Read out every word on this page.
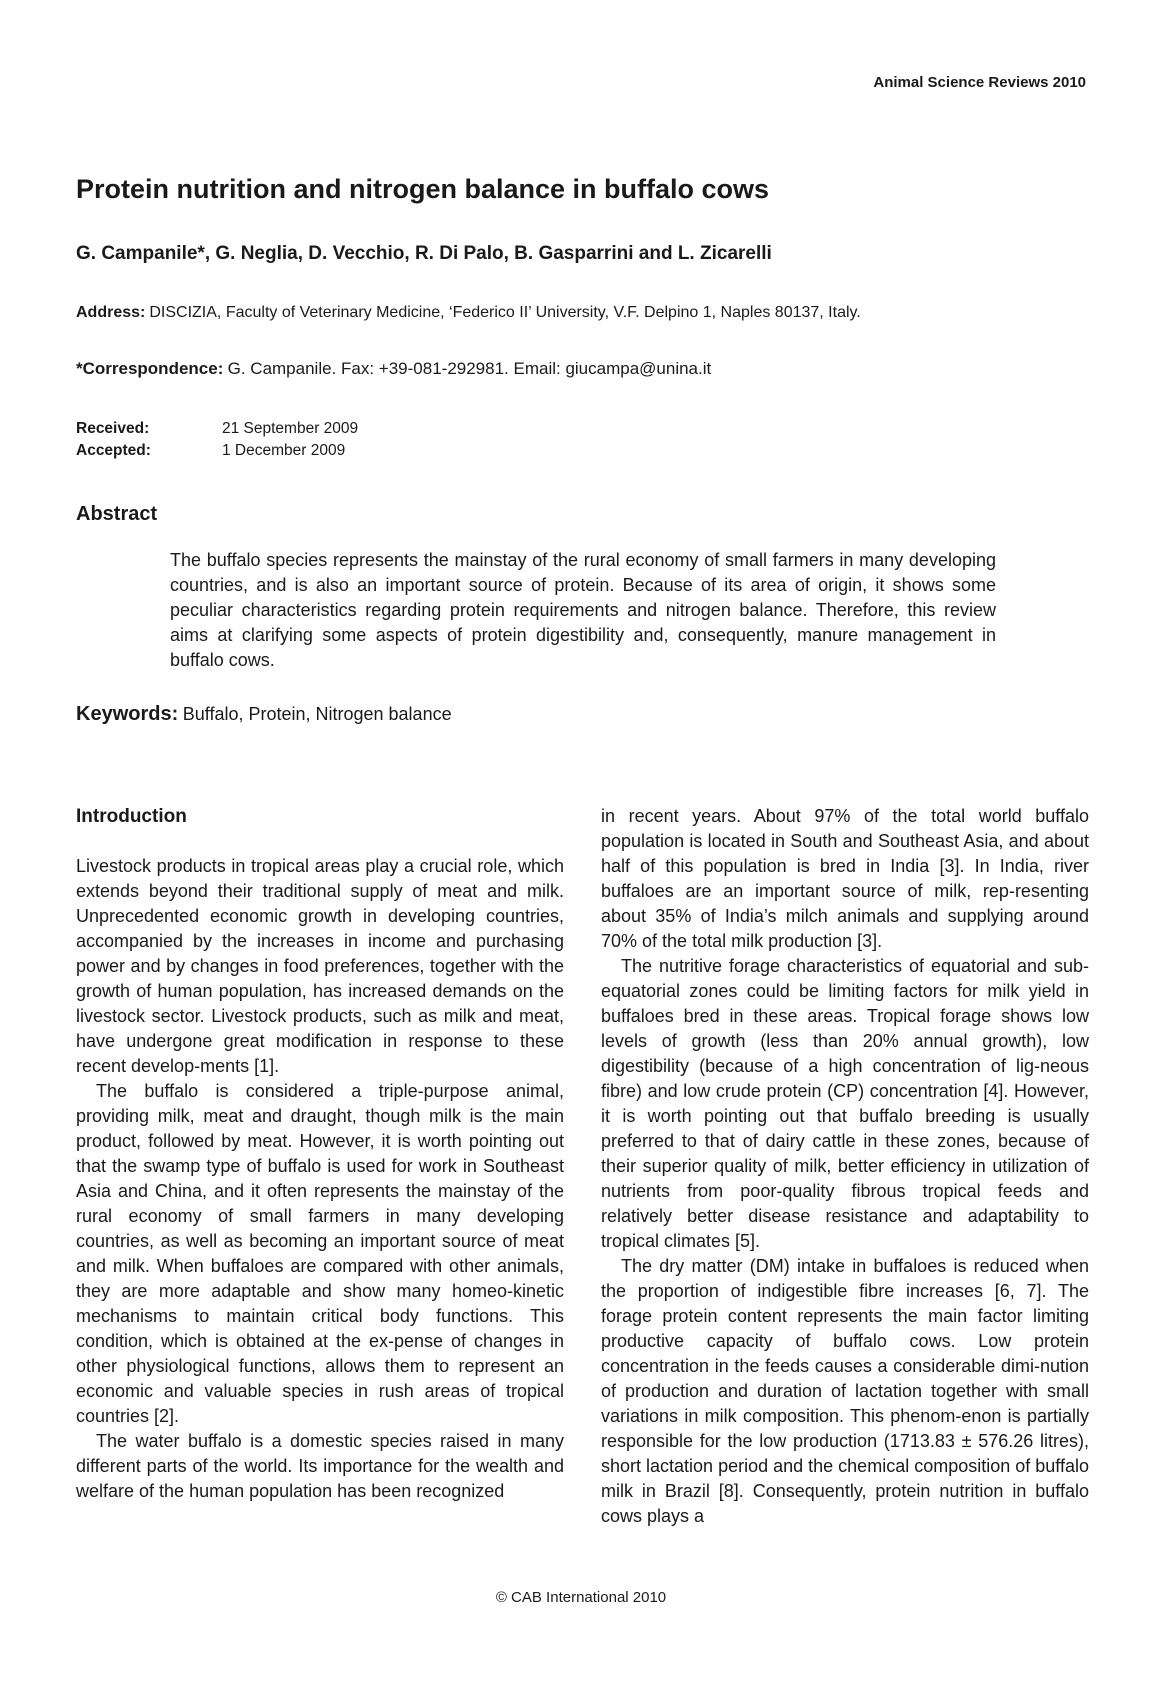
Animal Science Reviews 2010
Protein nutrition and nitrogen balance in buffalo cows
G. Campanile*, G. Neglia, D. Vecchio, R. Di Palo, B. Gasparrini and L. Zicarelli
Address: DISCIZIA, Faculty of Veterinary Medicine, ‘Federico II’ University, V.F. Delpino 1, Naples 80137, Italy.
*Correspondence: G. Campanile. Fax: +39-081-292981. Email: giucampa@unina.it
Received:	21 September 2009
Accepted:	1 December 2009
Abstract
The buffalo species represents the mainstay of the rural economy of small farmers in many developing countries, and is also an important source of protein. Because of its area of origin, it shows some peculiar characteristics regarding protein requirements and nitrogen balance. Therefore, this review aims at clarifying some aspects of protein digestibility and, consequently, manure management in buffalo cows.
Keywords: Buffalo, Protein, Nitrogen balance
Introduction

Livestock products in tropical areas play a crucial role, which extends beyond their traditional supply of meat and milk. Unprecedented economic growth in developing countries, accompanied by the increases in income and purchasing power and by changes in food preferences, together with the growth of human population, has increased demands on the livestock sector. Livestock products, such as milk and meat, have undergone great modification in response to these recent develop-ments [1].

The buffalo is considered a triple-purpose animal, providing milk, meat and draught, though milk is the main product, followed by meat. However, it is worth pointing out that the swamp type of buffalo is used for work in Southeast Asia and China, and it often represents the mainstay of the rural economy of small farmers in many developing countries, as well as becoming an important source of meat and milk. When buffaloes are compared with other animals, they are more adaptable and show many homeo-kinetic mechanisms to maintain critical body functions. This condition, which is obtained at the ex-pense of changes in other physiological functions, allows them to represent an economic and valuable species in rush areas of tropical countries [2].

The water buffalo is a domestic species raised in many different parts of the world. Its importance for the wealth and welfare of the human population has been recognized

in recent years. About 97% of the total world buffalo population is located in South and Southeast Asia, and about half of this population is bred in India [3]. In India, river buffaloes are an important source of milk, rep-resenting about 35% of India’s milch animals and supplying around 70% of the total milk production [3].

The nutritive forage characteristics of equatorial and sub-equatorial zones could be limiting factors for milk yield in buffaloes bred in these areas. Tropical forage shows low levels of growth (less than 20% annual growth), low digestibility (because of a high concentration of lig-neous fibre) and low crude protein (CP) concentration [4]. However, it is worth pointing out that buffalo breeding is usually preferred to that of dairy cattle in these zones, because of their superior quality of milk, better efficiency in utilization of nutrients from poor-quality fibrous tropical feeds and relatively better disease resistance and adaptability to tropical climates [5].

The dry matter (DM) intake in buffaloes is reduced when the proportion of indigestible fibre increases [6, 7]. The forage protein content represents the main factor limiting productive capacity of buffalo cows. Low protein concentration in the feeds causes a considerable dimi-nution of production and duration of lactation together with small variations in milk composition. This phenom-enon is partially responsible for the low production (1713.83 ± 576.26 litres), short lactation period and the chemical composition of buffalo milk in Brazil [8]. Consequently, protein nutrition in buffalo cows plays a

© CAB International 2010
